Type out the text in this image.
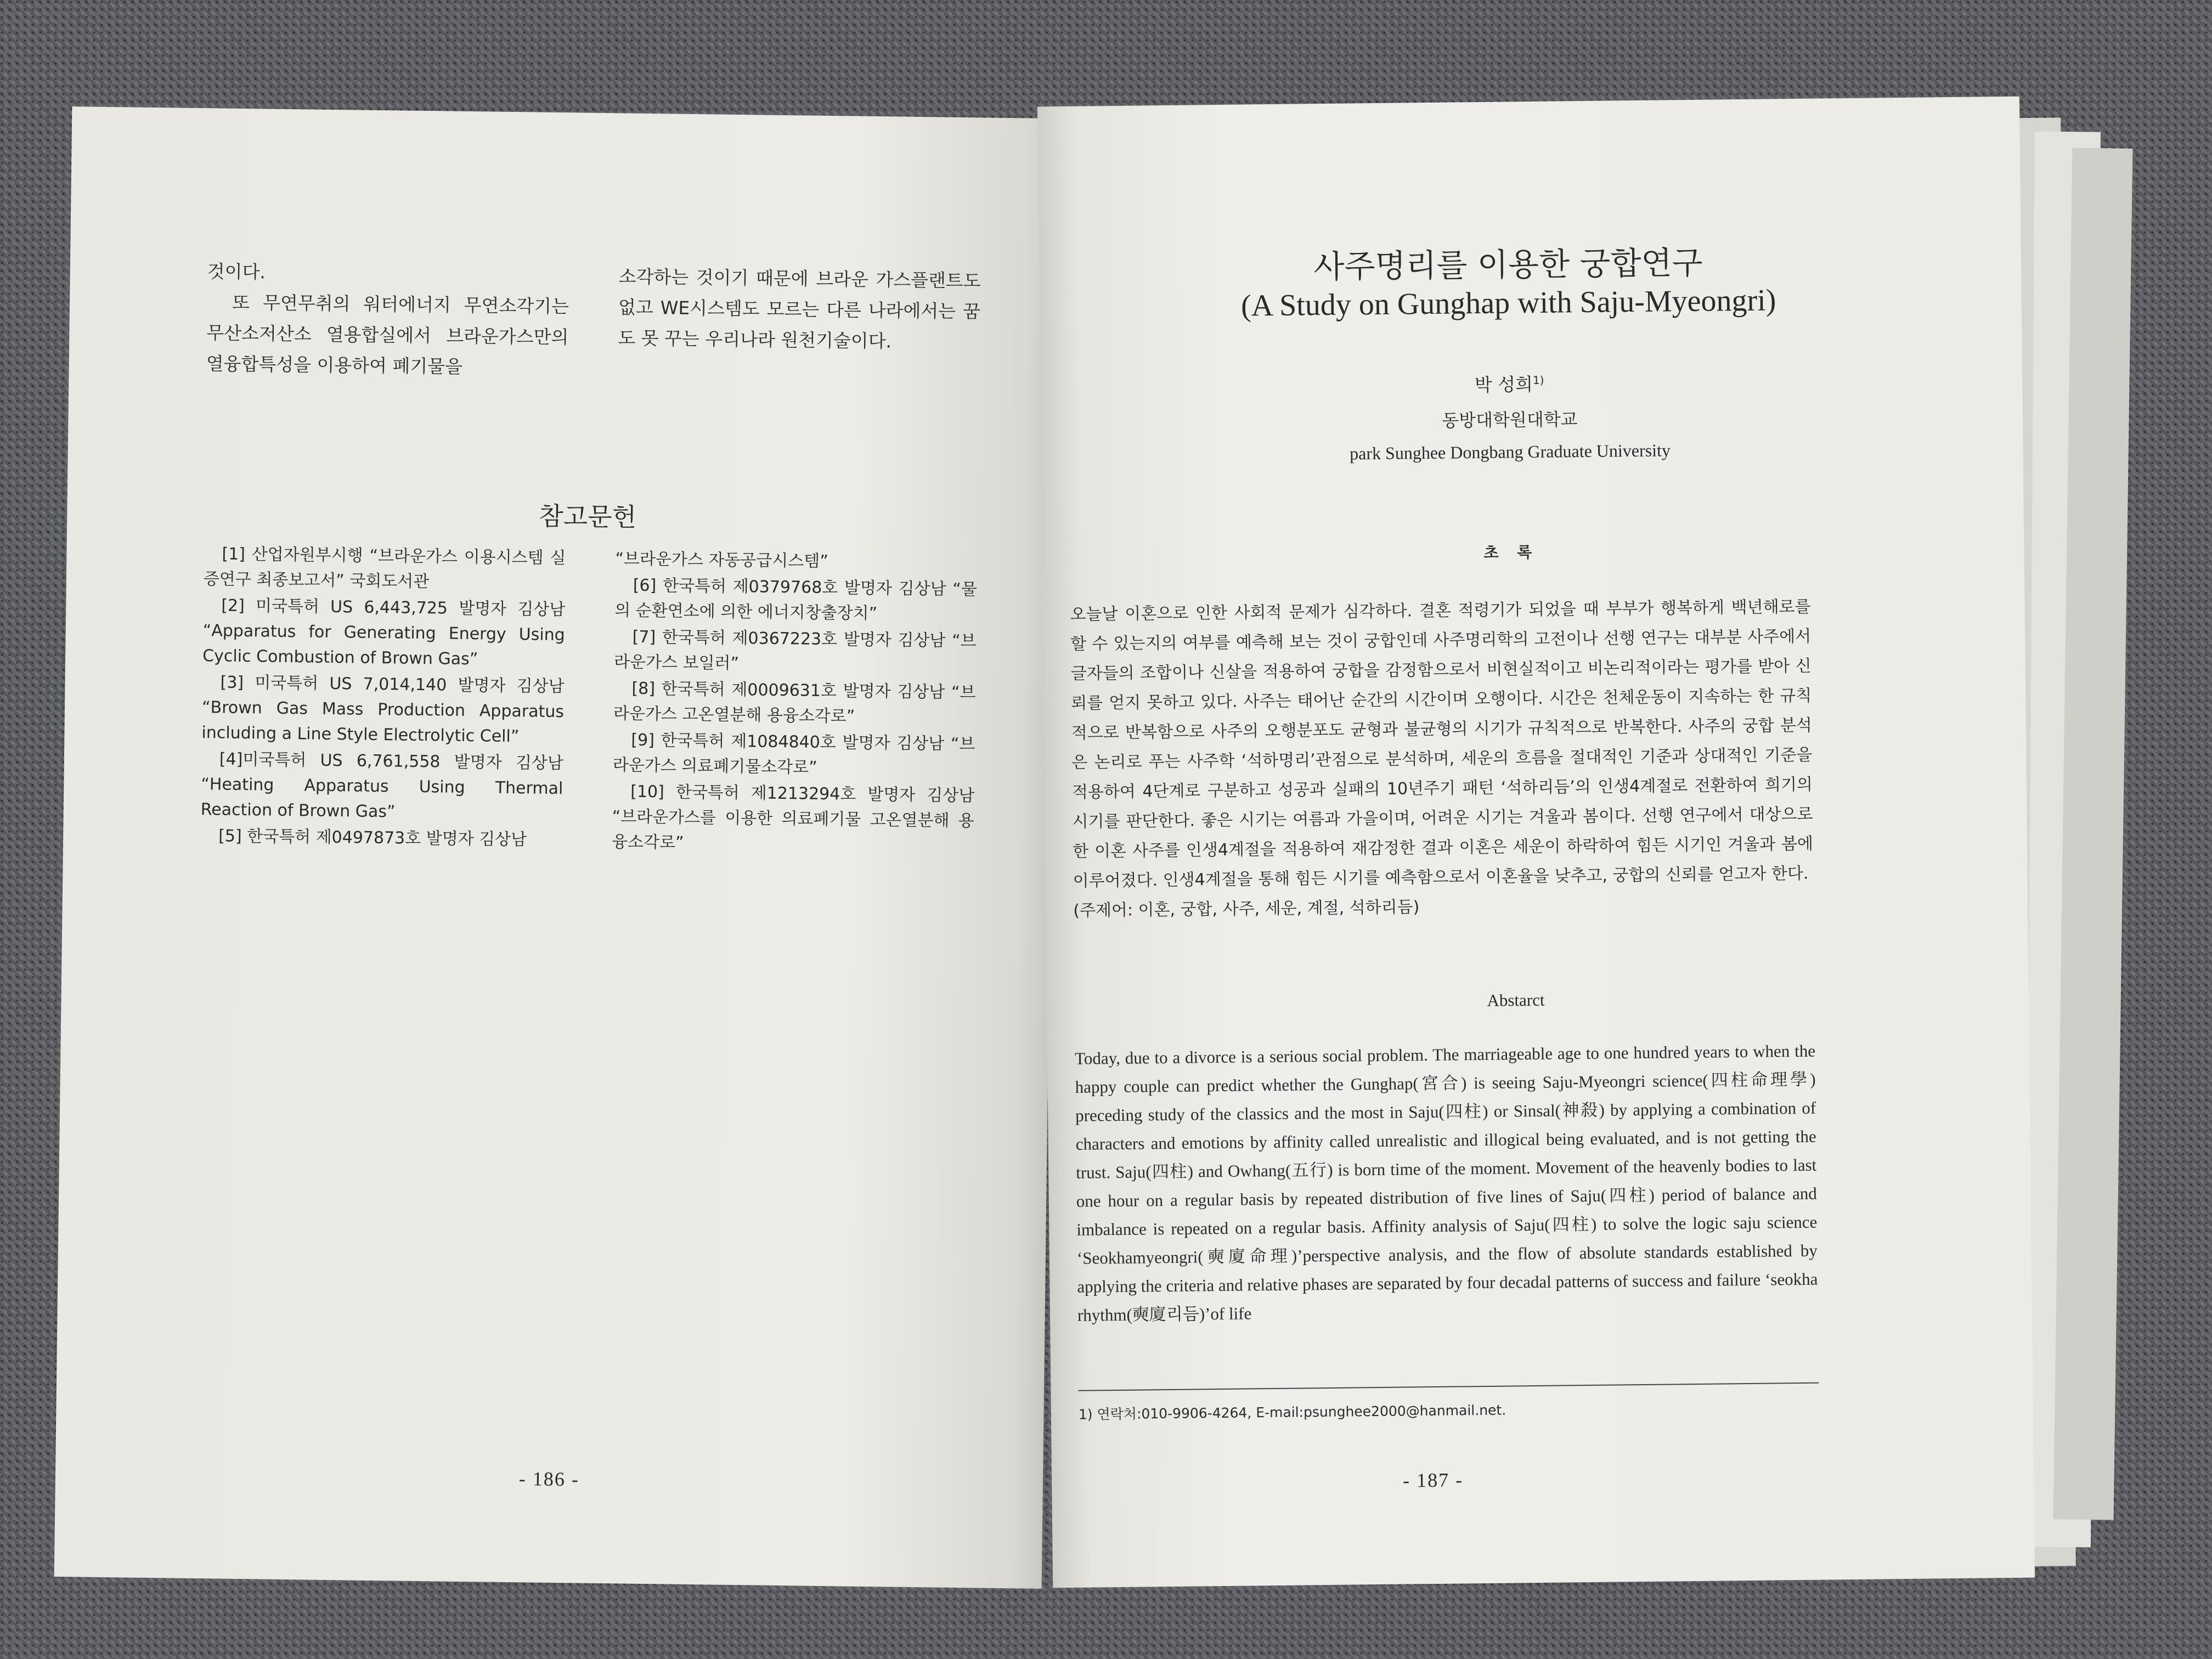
것이다.

또 무연무취의 워터에너지 무연소각기는 무산소저산소 열용합실에서 브라운가스만의 열융합특성을 이용하여 폐기물을

소각하는 것이기 때문에 브라운 가스플랜트도 없고 WE시스템도 모르는 다른 나라에서는 꿈도 못 꾸는 우리나라 원천기술이다.

참고문헌

[1] 산업자원부시행 “브라운가스 이용시스템 실증연구 최종보고서” 국회도서관

[2] 미국특허 US 6,443,725 발명자 김상남 “Apparatus for Generating Energy Using Cyclic Combustion of Brown Gas”

[3] 미국특허 US 7,014,140 발명자 김상남 “Brown Gas Mass Production Apparatus including a Line Style Electrolytic Cell”

[4]미국특허 US 6,761,558 발명자 김상남 “Heating Apparatus Using Thermal Reaction of Brown Gas”

[5] 한국특허 제0497873호 발명자 김상남

“브라운가스 자동공급시스템”

[6] 한국특허 제0379768호 발명자 김상남 “물의 순환연소에 의한 에너지창출장치”

[7] 한국특허 제0367223호 발명자 김상남 “브라운가스 보일러”

[8] 한국특허 제0009631호 발명자 김상남 “브라운가스 고온열분해 용융소각로”

[9] 한국특허 제1084840호 발명자 김상남 “브라운가스 의료폐기물소각로”

[10] 한국특허 제1213294호 발명자 김상남 “브라운가스를 이용한 의료폐기물 고온열분해 용융소각로”

- 186 -
사주명리를 이용한 궁합연구
(A Study on Gunghap with Saju-Myeongri)
박 성희$^{1)}$
동방대학원대학교
park Sunghee Dongbang Graduate University
초 록

오늘날 이혼으로 인한 사회적 문제가 심각하다. 결혼 적령기가 되었을 때 부부가 행복하게 백년해로를 할 수 있는지의 여부를 예측해 보는 것이 궁합인데 사주명리학의 고전이나 선행 연구는 대부분 사주에서 글자들의 조합이나 신살을 적용하여 궁합을 감정함으로서 비현실적이고 비논리적이라는 평가를 받아 신뢰를 얻지 못하고 있다. 사주는 태어난 순간의 시간이며 오행이다. 시간은 천체운동이 지속하는 한 규칙적으로 반복함으로 사주의 오행분포도 균형과 불균형의 시기가 규칙적으로 반복한다. 사주의 궁합 분석은 논리로 푸는 사주학 ‘석하명리’관점으로 분석하며, 세운의 흐름을 절대적인 기준과 상대적인 기준을 적용하여 4단계로 구분하고 성공과 실패의 10년주기 패턴 ‘석하리듬’의 인생4계절로 전환하여 희기의 시기를 판단한다. 좋은 시기는 여름과 가을이며, 어려운 시기는 겨울과 봄이다. 선행 연구에서 대상으로 한 이혼 사주를 인생4계절을 적용하여 재감정한 결과 이혼은 세운이 하락하여 힘든 시기인 겨울과 봄에 이루어졌다. 인생4계절을 통해 힘든 시기를 예측함으로서 이혼율을 낮추고, 궁합의 신뢰를 얻고자 한다.

(주제어: 이혼, 궁합, 사주, 세운, 계절, 석하리듬)

Abstarct

Today, due to a divorce is a serious social problem. The marriageable age to one hundred years to when the happy couple can predict whether the Gunghap(宮合) is seeing Saju-Myeongri science(四柱命理學) preceding study of the classics and the most in Saju(四柱) or Sinsal(神殺) by applying a combination of characters and emotions by affinity called unrealistic and illogical being evaluated, and is not getting the trust. Saju(四柱) and Owhang(五行) is born time of the moment. Movement of the heavenly bodies to last one hour on a regular basis by repeated distribution of five lines of Saju(四柱) period of balance and imbalance is repeated on a regular basis. Affinity analysis of Saju(四柱) to solve the logic saju science ‘Seokhamyeongri(奭廈命理)’perspective analysis, and the flow of absolute standards established by applying the criteria and relative phases are separated by four decadal patterns of success and failure ‘seokha rhythm(奭廈리듬)’of life

1) 연락처:010-9906-4264, E-mail:psunghee2000@hanmail.net.
- 187 -
